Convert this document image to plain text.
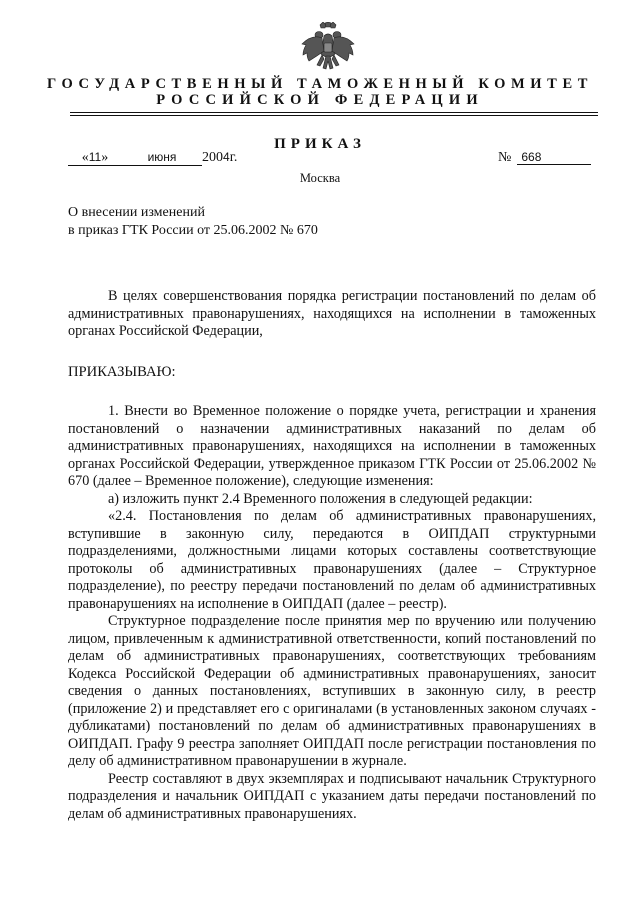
ГОСУДАРСТВЕННЫЙ ТАМОЖЕННЫЙ КОМИТЕТ
РОССИЙСКОЙ ФЕДЕРАЦИИ
ПРИКАЗ
«11»	июня 2004г.	№ 668
Москва
О внесении изменений
в приказ ГТК России от 25.06.2002 № 670

В целях совершенствования порядка регистрации постановлений по делам об административных правонарушениях, находящихся на исполнении в таможенных органах Российской Федерации,

ПРИКАЗЫВАЮ:

1. Внести во Временное положение о порядке учета, регистрации и хранения постановлений о назначении административных наказаний по делам об административных правонарушениях, находящихся на исполнении в таможенных органах Российской Федерации, утвержденное приказом ГТК России от 25.06.2002 № 670 (далее – Временное положение), следующие изменения:

а) изложить пункт 2.4 Временного положения в следующей редакции:

«2.4. Постановления по делам об административных правонарушениях, вступившие в законную силу, передаются в ОИПДАП структурными подразделениями, должностными лицами которых составлены соответствующие протоколы об административных правонарушениях (далее – Структурное подразделение), по реестру передачи постановлений по делам об административных правонарушениях на исполнение в ОИПДАП (далее – реестр).

Структурное подразделение после принятия мер по вручению или получению лицом, привлеченным к административной ответственности, копий постановлений по делам об административных правонарушениях, соответствующих требованиям Кодекса Российской Федерации об административных правонарушениях, заносит сведения о данных постановлениях, вступивших в законную силу, в реестр (приложение 2) и представляет его с оригиналами (в установленных законом случаях - дубликатами) постановлений по делам об административных правонарушениях в ОИПДАП. Графу 9 реестра заполняет ОИПДАП после регистрации постановления по делу об административном правонарушении в журнале.

Реестр составляют в двух экземплярах и подписывают начальник Структурного подразделения и начальник ОИПДАП с указанием даты передачи постановлений по делам об административных правонарушениях.
